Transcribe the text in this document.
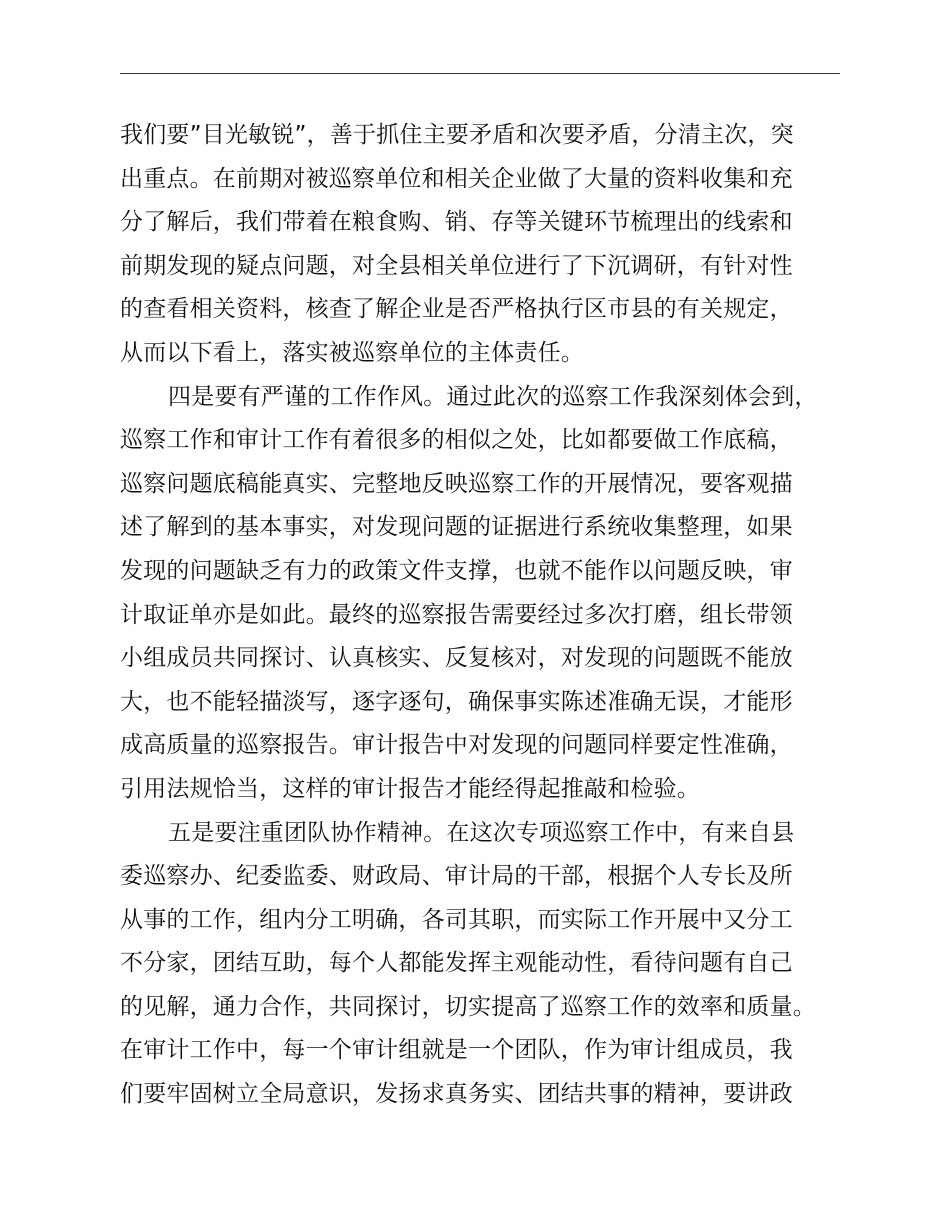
我们要”目光敏锐”，善于抓住主要矛盾和次要矛盾，分清主次，突
出重点。在前期对被巡察单位和相关企业做了大量的资料收集和充
分了解后，我们带着在粮食购、销、存等关键环节梳理出的线索和
前期发现的疑点问题，对全县相关单位进行了下沉调研，有针对性
的查看相关资料，核查了解企业是否严格执行区市县的有关规定，
从而以下看上，落实被巡察单位的主体责任。
四是要有严谨的工作作风。通过此次的巡察工作我深刻体会到，
巡察工作和审计工作有着很多的相似之处，比如都要做工作底稿，
巡察问题底稿能真实、完整地反映巡察工作的开展情况，要客观描
述了解到的基本事实，对发现问题的证据进行系统收集整理，如果
发现的问题缺乏有力的政策文件支撑，也就不能作以问题反映，审
计取证单亦是如此。最终的巡察报告需要经过多次打磨，组长带领
小组成员共同探讨、认真核实、反复核对，对发现的问题既不能放
大，也不能轻描淡写，逐字逐句，确保事实陈述准确无误，才能形
成高质量的巡察报告。审计报告中对发现的问题同样要定性准确，
引用法规恰当，这样的审计报告才能经得起推敲和检验。
五是要注重团队协作精神。在这次专项巡察工作中，有来自县
委巡察办、纪委监委、财政局、审计局的干部，根据个人专长及所
从事的工作，组内分工明确，各司其职，而实际工作开展中又分工
不分家，团结互助，每个人都能发挥主观能动性，看待问题有自己
的见解，通力合作，共同探讨，切实提高了巡察工作的效率和质量。
在审计工作中，每一个审计组就是一个团队，作为审计组成员，我
们要牢固树立全局意识，发扬求真务实、团结共事的精神，要讲政
